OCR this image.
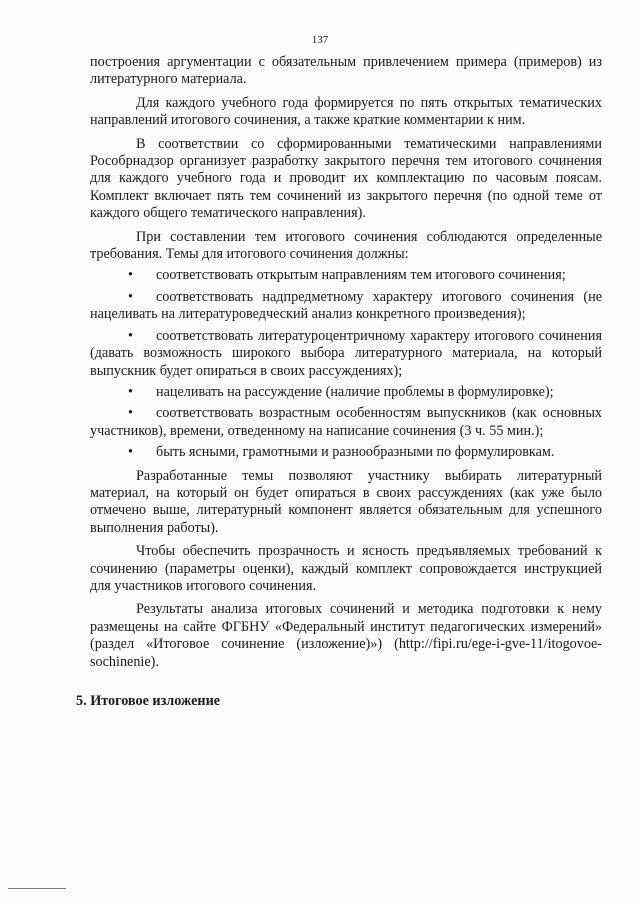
137

построения аргументации с обязательным привлечением примера (примеров) из литературного материала.

Для каждого учебного года формируется по пять открытых тематических направлений итогового сочинения, а также краткие комментарии к ним.

В соответствии со сформированными тематическими направлениями Рособрнадзор организует разработку закрытого перечня тем итогового сочинения для каждого учебного года и проводит их комплектацию по часовым поясам. Комплект включает пять тем сочинений из закрытого перечня (по одной теме от каждого общего тематического направления).

При составлении тем итогового сочинения соблюдаются определенные требования. Темы для итогового сочинения должны:

• соответствовать открытым направлениям тем итогового сочинения;
• соответствовать надпредметному характеру итогового сочинения (не нацеливать на литературоведческий анализ конкретного произведения);
• соответствовать литературоцентричному характеру итогового сочинения (давать возможность широкого выбора литературного материала, на который выпускник будет опираться в своих рассуждениях);
• нацеливать на рассуждение (наличие проблемы в формулировке);
• соответствовать возрастным особенностям выпускников (как основных участников), времени, отведенному на написание сочинения (3 ч. 55 мин.);
• быть ясными, грамотными и разнообразными по формулировкам.

Разработанные темы позволяют участнику выбирать литературный материал, на который он будет опираться в своих рассуждениях (как уже было отмечено выше, литературный компонент является обязательным для успешного выполнения работы).

Чтобы обеспечить прозрачность и ясность предъявляемых требований к сочинению (параметры оценки), каждый комплект сопровождается инструкцией для участников итогового сочинения.

Результаты анализа итоговых сочинений и методика подготовки к нему размещены на сайте ФГБНУ «Федеральный институт педагогических измерений» (раздел «Итоговое сочинение (изложение)») (http://fipi.ru/ege-i-gve-11/itogovoe-sochinenie).

5. Итоговое изложение
